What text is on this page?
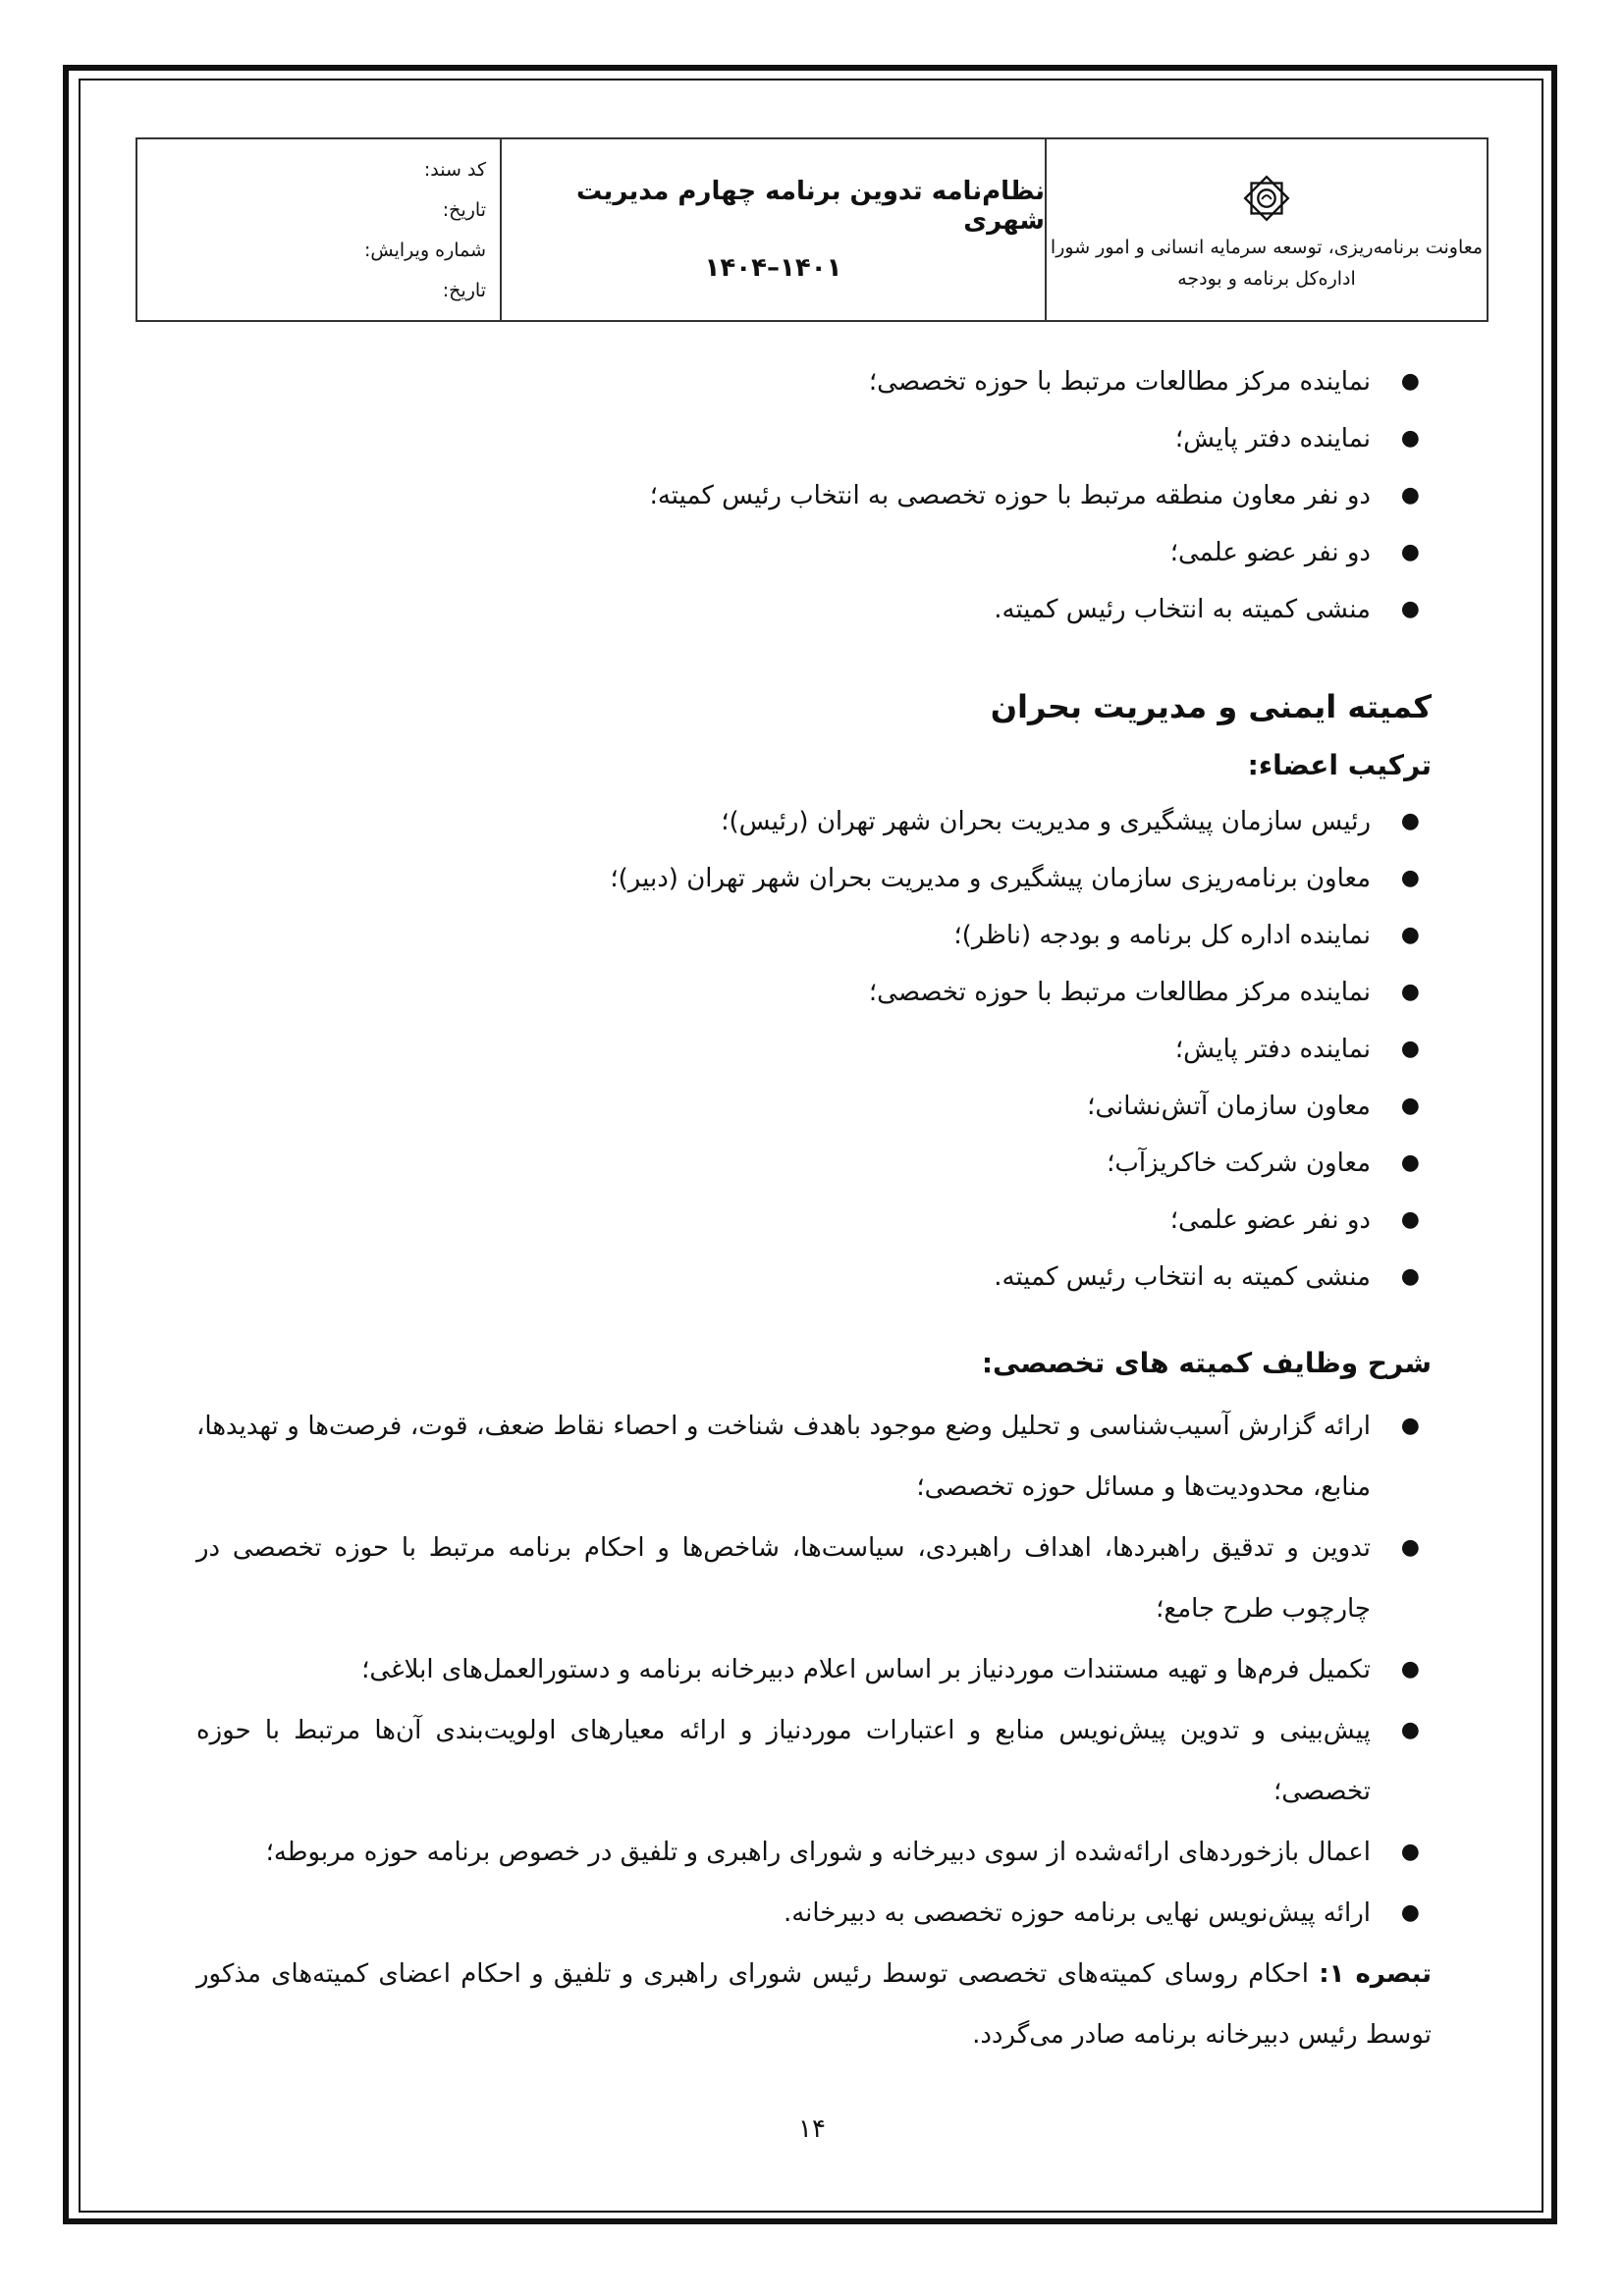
معاونت برنامه‌ریزی، توسعه سرمایه انسانی و امور شورا
اداره‌کل برنامه و بودجه
نظام‌نامه تدوین برنامه چهارم مدیریت شهری
۱۴۰۱–۱۴۰۴
کد سند:
تاریخ:
شماره ویرایش:
تاریخ:
●
نماینده مرکز مطالعات مرتبط با حوزه تخصصی؛
●
نماینده دفتر پایش؛
●
دو نفر معاون منطقه مرتبط با حوزه تخصصی به انتخاب رئیس کمیته؛
●
دو نفر عضو علمی؛
●
منشی کمیته به انتخاب رئیس کمیته.
کمیته ایمنی و مدیریت بحران
ترکیب اعضاء:
●
رئیس سازمان پیشگیری و مدیریت بحران شهر تهران (رئیس)؛
●
معاون برنامه‌ریزی سازمان پیشگیری و مدیریت بحران شهر تهران (دبیر)؛
●
نماینده اداره کل برنامه و بودجه (ناظر)؛
●
نماینده مرکز مطالعات مرتبط با حوزه تخصصی؛
●
نماینده دفتر پایش؛
●
معاون سازمان آتش‌نشانی؛
●
معاون شرکت خاکریزآب؛
●
دو نفر عضو علمی؛
●
منشی کمیته به انتخاب رئیس کمیته.
شرح وظایف کمیته های تخصصی:
●
ارائه گزارش آسیب‌شناسی و تحلیل وضع موجود باهدف شناخت و احصاء نقاط ضعف، قوت، فرصت‌ها و تهدیدها، منابع، محدودیت‌ها و مسائل حوزه تخصصی؛
●
تدوین و تدقیق راهبردها، اهداف راهبردی، سیاست‌ها، شاخص‌ها و احکام برنامه مرتبط با حوزه تخصصی در چارچوب طرح جامع؛
●
تکمیل فرم‌ها و تهیه مستندات موردنیاز بر اساس اعلام دبیرخانه برنامه و دستورالعمل‌های ابلاغی؛
●
پیش‌بینی و تدوین پیش‌نویس منابع و اعتبارات موردنیاز و ارائه معیارهای اولویت‌بندی آن‌ها مرتبط با حوزه تخصصی؛
●
اعمال بازخوردهای ارائه‌شده از سوی دبیرخانه و شورای راهبری و تلفیق در خصوص برنامه حوزه مربوطه؛
●
ارائه پیش‌نویس نهایی برنامه حوزه تخصصی به دبیرخانه.
تبصره ۱: احکام روسای کمیته‌های تخصصی توسط رئیس شورای راهبری و تلفیق و احکام اعضای کمیته‌های مذکور توسط رئیس دبیرخانه برنامه صادر می‌گردد.
۱۴
